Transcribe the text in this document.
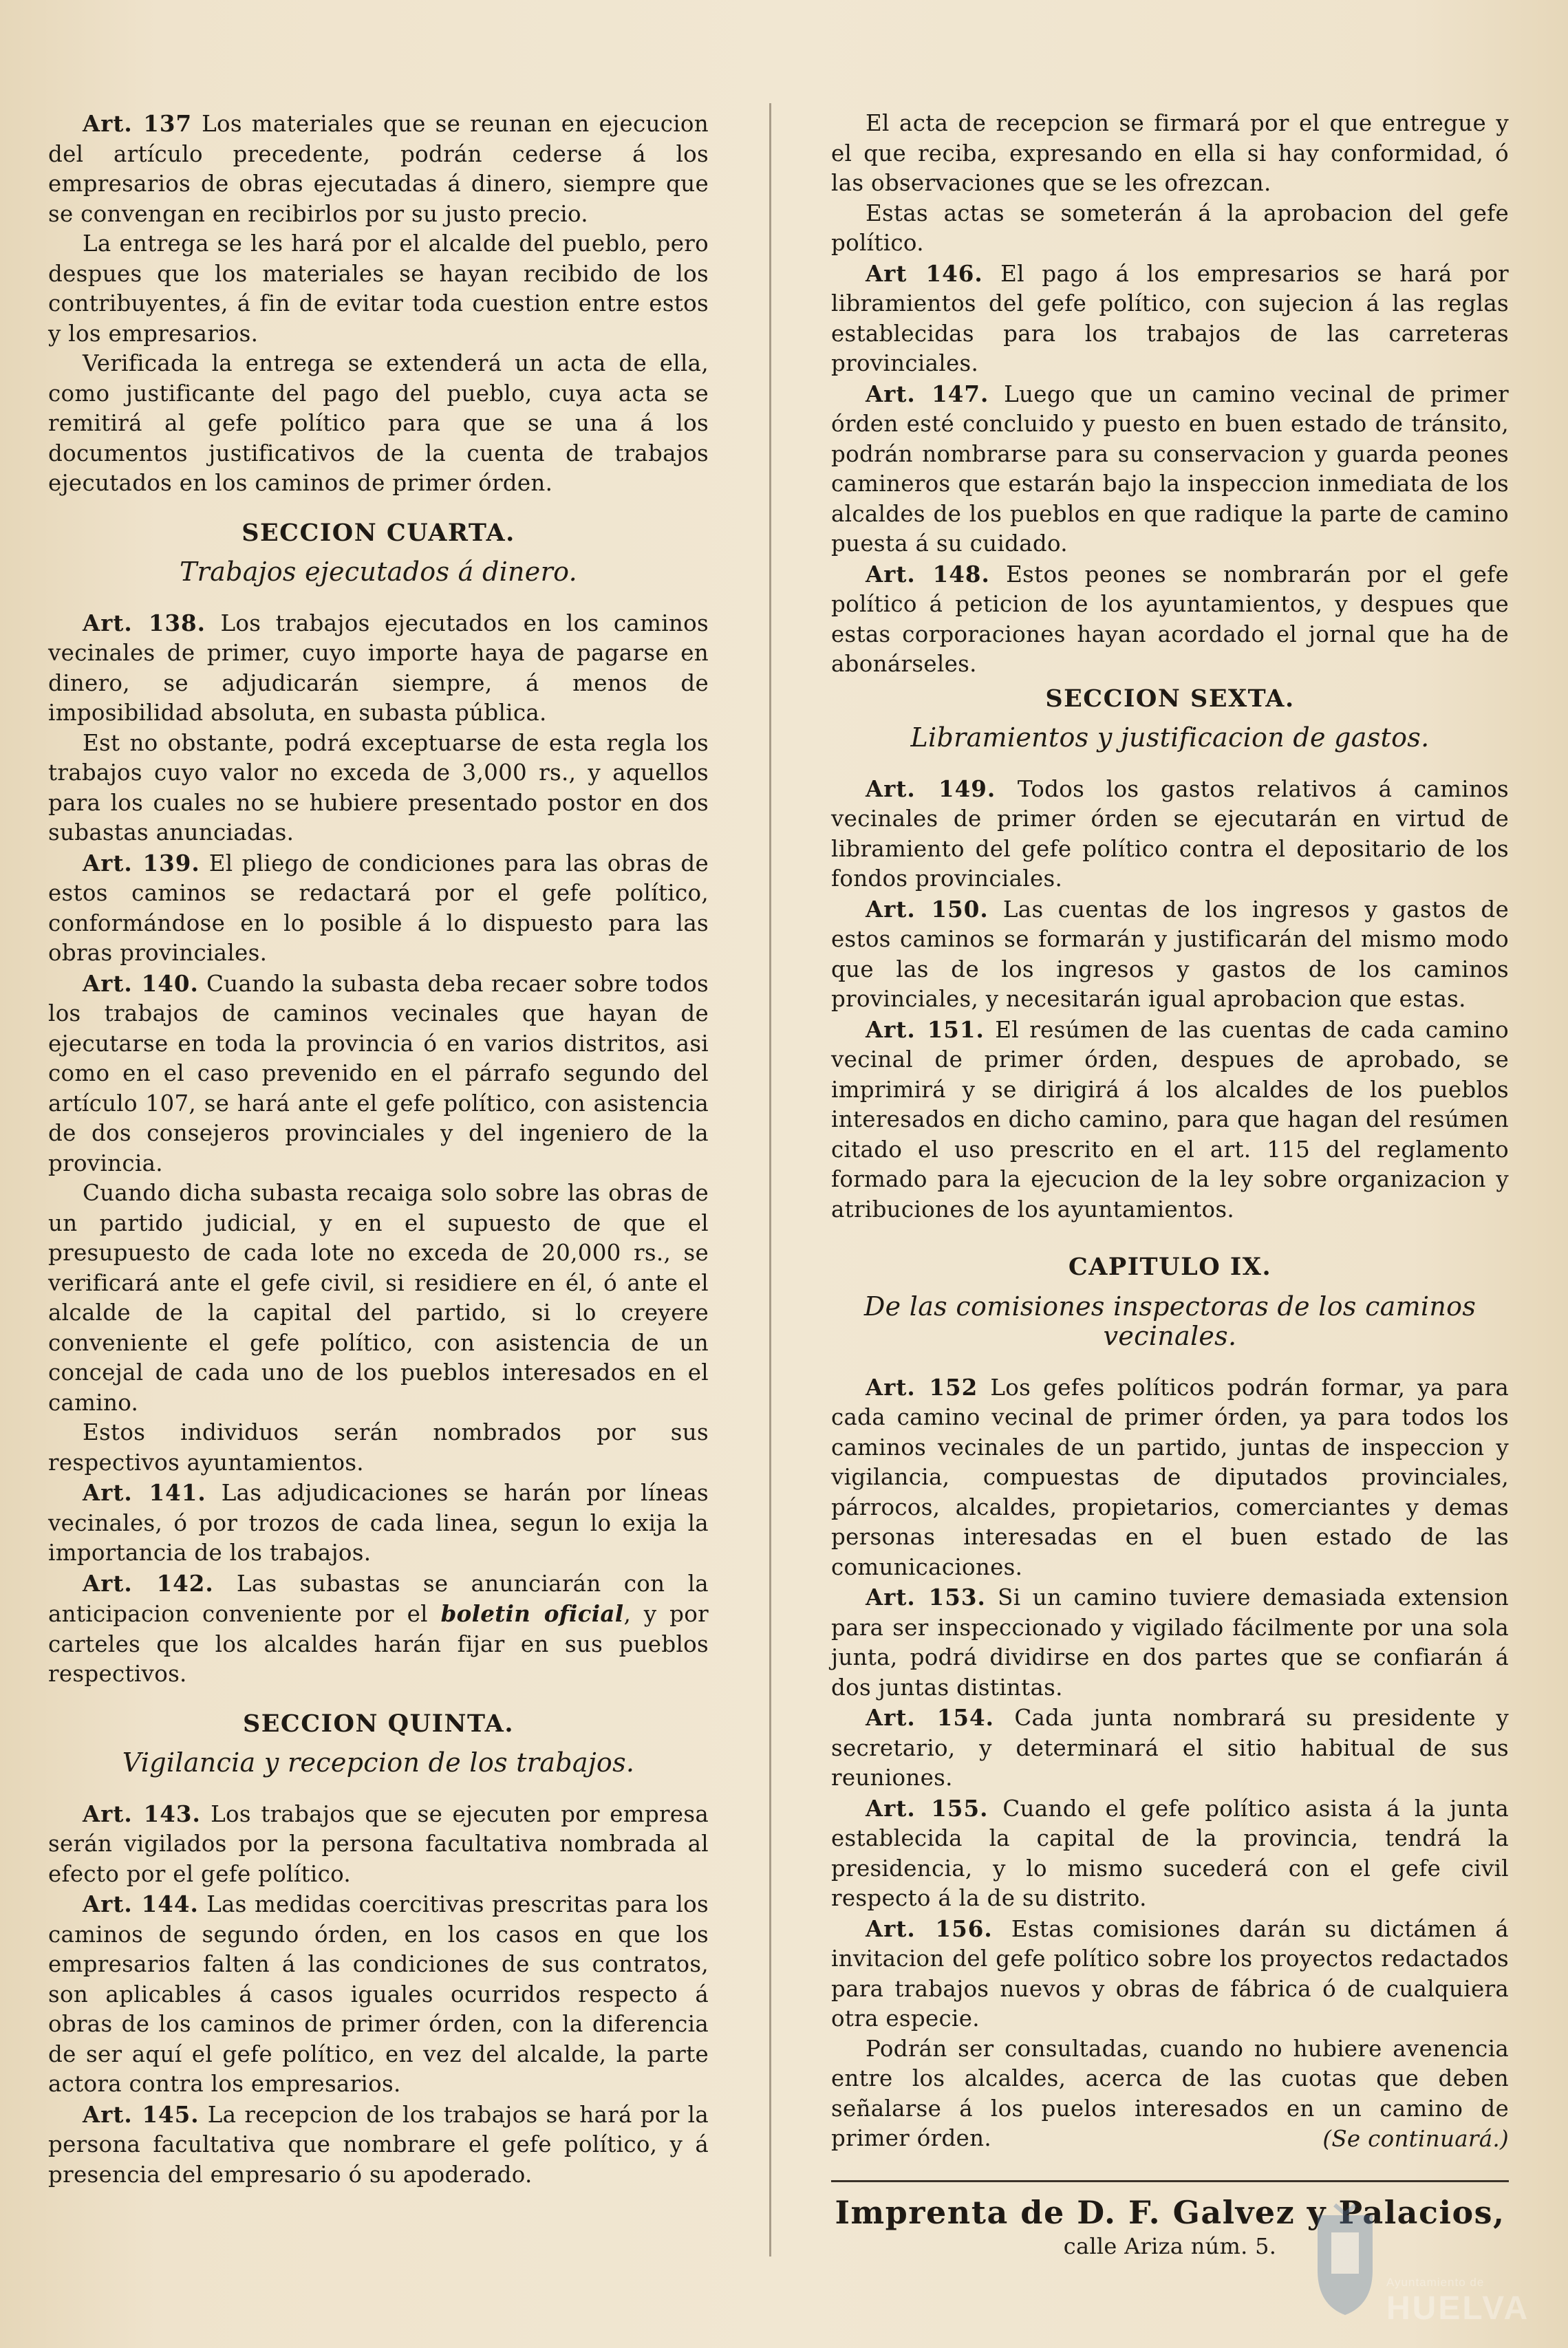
Art. 137 Los materiales que se reunan en ejecucion del artículo precedente, podrán cederse á los empresarios de obras ejecutadas á dinero, siempre que se convengan en recibirlos por su justo precio.

La entrega se les hará por el alcalde del pueblo, pero despues que los materiales se hayan recibido de los contribuyentes, á fin de evitar toda cuestion entre estos y los empresarios.

Verificada la entrega se extenderá un acta de ella, como justificante del pago del pueblo, cuya acta se remitirá al gefe político para que se una á los documentos justificativos de la cuenta de trabajos ejecutados en los caminos de primer órden.

SECCION CUARTA.

Trabajos ejecutados á dinero.

Art. 138. Los trabajos ejecutados en los caminos vecinales de primer, cuyo importe haya de pagarse en dinero, se adjudicarán siempre, á menos de imposibilidad absoluta, en subasta pública.

Est no obstante, podrá exceptuarse de esta regla los trabajos cuyo valor no exceda de 3,000 rs., y aquellos para los cuales no se hubiere presentado postor en dos subastas anunciadas.

Art. 139. El pliego de condiciones para las obras de estos caminos se redactará por el gefe político, conformándose en lo posible á lo dispuesto para las obras provinciales.

Art. 140. Cuando la subasta deba recaer sobre todos los trabajos de caminos vecinales que hayan de ejecutarse en toda la provincia ó en varios distritos, asi como en el caso prevenido en el párrafo segundo del artículo 107, se hará ante el gefe político, con asistencia de dos consejeros provinciales y del ingeniero de la provincia.

Cuando dicha subasta recaiga solo sobre las obras de un partido judicial, y en el supuesto de que el presupuesto de cada lote no exceda de 20,000 rs., se verificará ante el gefe civil, si residiere en él, ó ante el alcalde de la capital del partido, si lo creyere conveniente el gefe político, con asistencia de un concejal de cada uno de los pueblos interesados en el camino.

Estos individuos serán nombrados por sus respectivos ayuntamientos.

Art. 141. Las adjudicaciones se harán por líneas vecinales, ó por trozos de cada linea, segun lo exija la importancia de los trabajos.

Art. 142. Las subastas se anunciarán con la anticipacion conveniente por el boletin oficial, y por carteles que los alcaldes harán fijar en sus pueblos respectivos.

SECCION QUINTA.

Vigilancia y recepcion de los trabajos.

Art. 143. Los trabajos que se ejecuten por empresa serán vigilados por la persona facultativa nombrada al efecto por el gefe político.

Art. 144. Las medidas coercitivas prescritas para los caminos de segundo órden, en los casos en que los empresarios falten á las condiciones de sus contratos, son aplicables á casos iguales ocurridos respecto á obras de los caminos de primer órden, con la diferencia de ser aquí el gefe político, en vez del alcalde, la parte actora contra los empresarios.

Art. 145. La recepcion de los trabajos se hará por la persona facultativa que nombrare el gefe político, y á presencia del empresario ó su apoderado.

El acta de recepcion se firmará por el que entregue y el que reciba, expresando en ella si hay conformidad, ó las observaciones que se les ofrezcan.

Estas actas se someterán á la aprobacion del gefe político.

Art 146. El pago á los empresarios se hará por libramientos del gefe político, con sujecion á las reglas establecidas para los trabajos de las carreteras provinciales.

Art. 147. Luego que un camino vecinal de primer órden esté concluido y puesto en buen estado de tránsito, podrán nombrarse para su conservacion y guarda peones camineros que estarán bajo la inspeccion inmediata de los alcaldes de los pueblos en que radique la parte de camino puesta á su cuidado.

Art. 148. Estos peones se nombrarán por el gefe político á peticion de los ayuntamientos, y despues que estas corporaciones hayan acordado el jornal que ha de abonárseles.

SECCION SEXTA.

Libramientos y justificacion de gastos.

Art. 149. Todos los gastos relativos á caminos vecinales de primer órden se ejecutarán en virtud de libramiento del gefe político contra el depositario de los fondos provinciales.

Art. 150. Las cuentas de los ingresos y gastos de estos caminos se formarán y justificarán del mismo modo que las de los ingresos y gastos de los caminos provinciales, y necesitarán igual aprobacion que estas.

Art. 151. El resúmen de las cuentas de cada camino vecinal de primer órden, despues de aprobado, se imprimirá y se dirigirá á los alcaldes de los pueblos interesados en dicho camino, para que hagan del resúmen citado el uso prescrito en el art. 115 del reglamento formado para la ejecucion de la ley sobre organizacion y atribuciones de los ayuntamientos.

CAPITULO IX.

De las comisiones inspectoras de los caminos vecinales.

Art. 152 Los gefes políticos podrán formar, ya para cada camino vecinal de primer órden, ya para todos los caminos vecinales de un partido, juntas de inspeccion y vigilancia, compuestas de diputados provinciales, párrocos, alcaldes, propietarios, comerciantes y demas personas interesadas en el buen estado de las comunicaciones.

Art. 153. Si un camino tuviere demasiada extension para ser inspeccionado y vigilado fácilmente por una sola junta, podrá dividirse en dos partes que se confiarán á dos juntas distintas.

Art. 154. Cada junta nombrará su presidente y secretario, y determinará el sitio habitual de sus reuniones.

Art. 155. Cuando el gefe político asista á la junta establecida la capital de la provincia, tendrá la presidencia, y lo mismo sucederá con el gefe civil respecto á la de su distrito.

Art. 156. Estas comisiones darán su dictámen á invitacion del gefe político sobre los proyectos redactados para trabajos nuevos y obras de fábrica ó de cualquiera otra especie.

Podrán ser consultadas, cuando no hubiere avenencia entre los alcaldes, acerca de las cuotas que deben señalarse á los puelos interesados en un camino de primer órden.	(Se continuará.)

Imprenta de D. F. Galvez y Palacios,

calle Ariza núm. 5.

Ayuntamiento de
HUELVA
